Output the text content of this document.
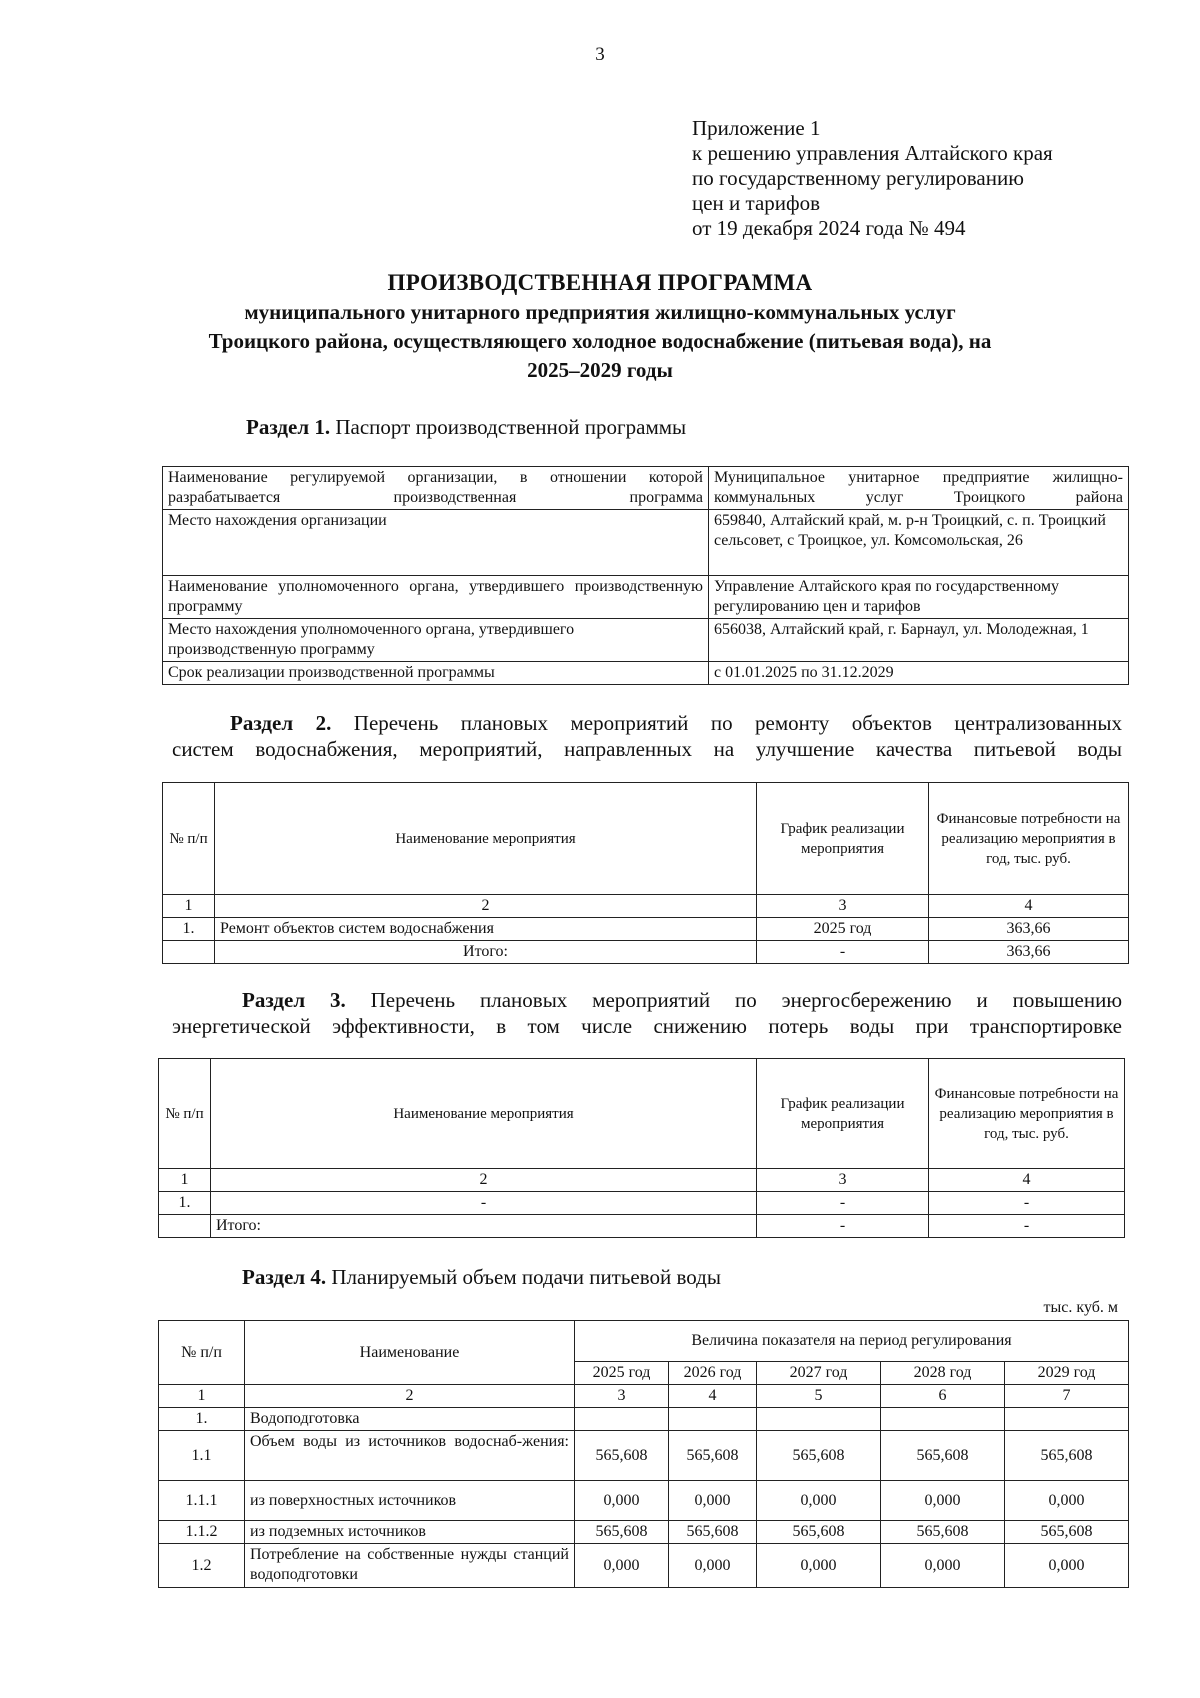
3
Приложение 1
к решению управления Алтайского края
по государственному регулированию
цен и тарифов
от 19 декабря 2024 года № 494
ПРОИЗВОДСТВЕННАЯ ПРОГРАММА
муниципального унитарного предприятия жилищно-коммунальных услуг
Троицкого района, осуществляющего холодное водоснабжение (питьевая вода), на
2025–2029 годы
Раздел 1. Паспорт производственной программы
Наименование регулируемой организации, в отношении которой разрабатывается производственная программа	Муниципальное унитарное предприятие жилищно-коммунальных услуг Троицкого района
Место нахождения организации	659840, Алтайский край, м. р-н Троицкий, с. п. Троицкий сельсовет, с Троицкое, ул. Комсомольская, 26
Наименование уполномоченного органа, утвердившего производственную программу	Управление Алтайского края по государственному регулированию цен и тарифов
Место нахождения уполномоченного органа, утвердившего производственную программу	656038, Алтайский край, г. Барнаул, ул. Молодежная, 1
Срок реализации производственной программы	с 01.01.2025 по 31.12.2029
Раздел 2. Перечень плановых мероприятий по ремонту объектов централизованных
систем водоснабжения, мероприятий, направленных на улучшение качества питьевой воды
№ п/п	Наименование мероприятия	График реализации мероприятия	Финансовые потребности на реализацию мероприятия в год, тыс. руб.
1	2	3	4
1.	Ремонт объектов систем водоснабжения	2025 год	363,66
	Итого:	-	363,66
Раздел 3. Перечень плановых мероприятий по энергосбережению и повышению
энергетической эффективности, в том числе снижению потерь воды при транспортировке
№ п/п	Наименование мероприятия	График реализации мероприятия	Финансовые потребности на реализацию мероприятия в год, тыс. руб.
1	2	3	4
1.	-	-	-
	Итого:	-	-
Раздел 4. Планируемый объем подачи питьевой воды
тыс. куб. м
№ п/п	Наименование	Величина показателя на период регулирования				
		2025 год	2026 год	2027 год	2028 год	2029 год
1	2	3	4	5	6	7
1.	Водоподготовка					
1.1	Объем воды из источников водоснаб-жения:	565,608	565,608	565,608	565,608	565,608
1.1.1	из поверхностных источников	0,000	0,000	0,000	0,000	0,000
1.1.2	из подземных источников	565,608	565,608	565,608	565,608	565,608
1.2	Потребление на собственные нужды станций водоподготовки	0,000	0,000	0,000	0,000	0,000
